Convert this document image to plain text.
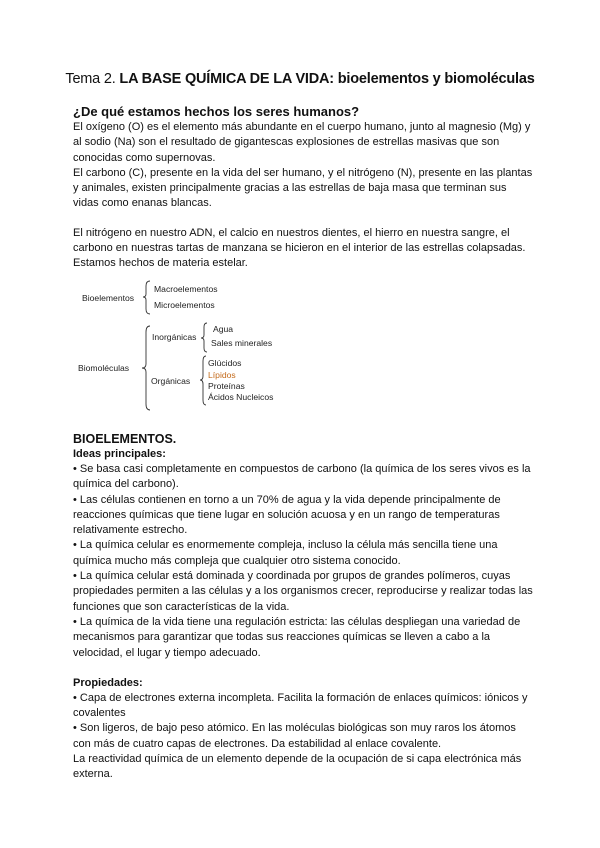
Tema 2. LA BASE QUÍMICA DE LA VIDA: bioelementos y biomoléculas

¿De qué estamos hechos los seres humanos?

El oxígeno (O) es el elemento más abundante en el cuerpo humano, junto al magnesio (Mg) y al sodio (Na) son el resultado de gigantescas explosiones de estrellas masivas que son conocidas como supernovas.

El carbono (C), presente en la vida del ser humano, y el nitrógeno (N), presente en las plantas y animales, existen principalmente gracias a las estrellas de baja masa que terminan sus vidas como enanas blancas.

El nitrógeno en nuestro ADN, el calcio en nuestros dientes, el hierro en nuestra sangre, el carbono en nuestras tartas de manzana se hicieron en el interior de las estrellas colapsadas. Estamos hechos de materia estelar.

Bioelementos
Macroelementos
Microelementos
Biomoléculas
Inorgánicas
Agua
Sales minerales
Orgánicas
Glúcidos
Lípidos
Proteínas
Ácidos Nucleicos

BIOELEMENTOS.

Ideas principales:

• Se basa casi completamente en compuestos de carbono (la química de los seres vivos es la química del carbono).

• Las células contienen en torno a un 70% de agua y la vida depende principalmente de reacciones químicas que tiene lugar en solución acuosa y en un rango de temperaturas relativamente estrecho.

• La química celular es enormemente compleja, incluso la célula más sencilla tiene una química mucho más compleja que cualquier otro sistema conocido.

• La química celular está dominada y coordinada por grupos de grandes polímeros, cuyas propiedades permiten a las células y a los organismos crecer, reproducirse y realizar todas las funciones que son características de la vida.

• La química de la vida tiene una regulación estricta: las células despliegan una variedad de mecanismos para garantizar que todas sus reacciones químicas se lleven a cabo a la velocidad, el lugar y tiempo adecuado.

Propiedades:

• Capa de electrones externa incompleta. Facilita la formación de enlaces químicos: iónicos y covalentes

• Son ligeros, de bajo peso atómico. En las moléculas biológicas son muy raros los átomos con más de cuatro capas de electrones. Da estabilidad al enlace covalente.

La reactividad química de un elemento depende de la ocupación de si capa electrónica más externa.
